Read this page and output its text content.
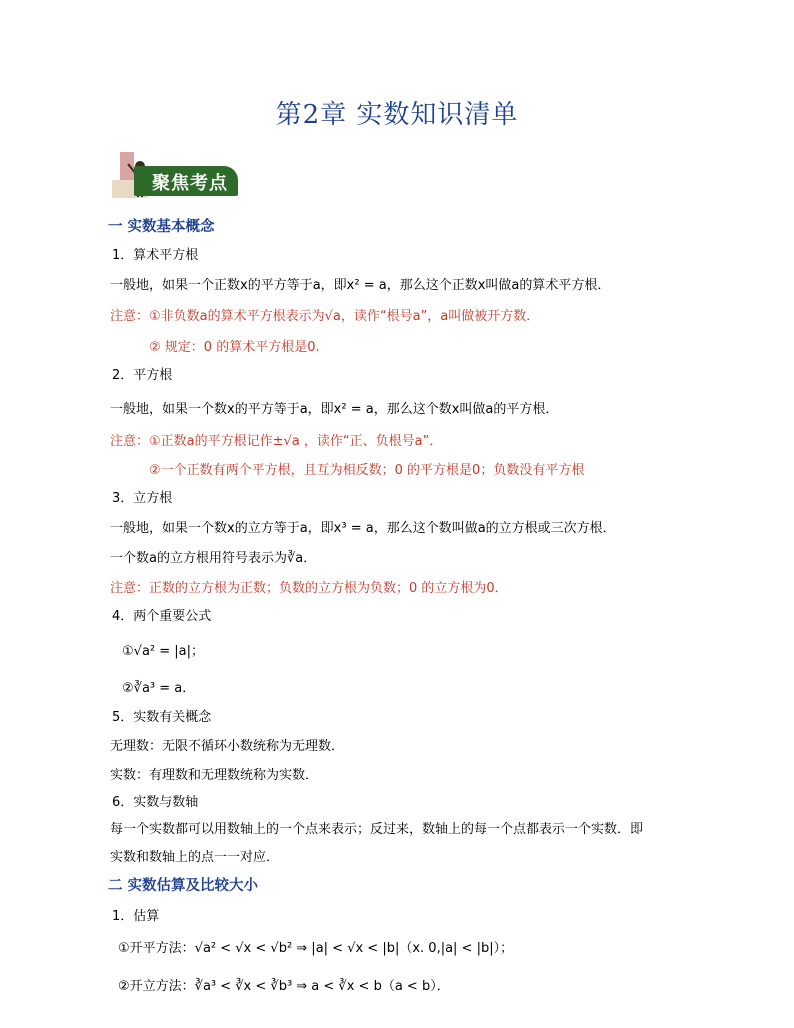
第2章 实数知识清单
聚焦考点
一 实数基本概念
1．算术平方根
一般地，如果一个正数x的平方等于a，即x² = a，那么这个正数x叫做a的算术平方根．
注意：①非负数a的算术平方根表示为√a，读作“根号a”，a叫做被开方数．
② 规定：0 的算术平方根是0.
2．平方根
一般地，如果一个数x的平方等于a，即x² = a，那么这个数x叫做a的平方根．
注意：①正数a的平方根记作±√a ，读作“正、负根号a”．
②一个正数有两个平方根，且互为相反数；0 的平方根是0；负数没有平方根
3．立方根
一般地，如果一个数x的立方等于a，即x³ = a，那么这个数叫做a的立方根或三次方根．
一个数a的立方根用符号表示为∛a．
注意：正数的立方根为正数；负数的立方根为负数；0 的立方根为0．
4．两个重要公式
①√a² = |a|；
②∛a³ = a．
5．实数有关概念
无理数：无限不循环小数统称为无理数．
实数：有理数和无理数统称为实数．
6．实数与数轴
每一个实数都可以用数轴上的一个点来表示；反过来，数轴上的每一个点都表示一个实数．即
实数和数轴上的点一一对应．
二 实数估算及比较大小
1．估算
①开平方法：√a² < √x < √b² ⇒ |a| < √x < |b|（x. 0,|a| < |b|）；
②开立方法：∛a³ < ∛x < ∛b³ ⇒ a < ∛x < b（a < b）．
